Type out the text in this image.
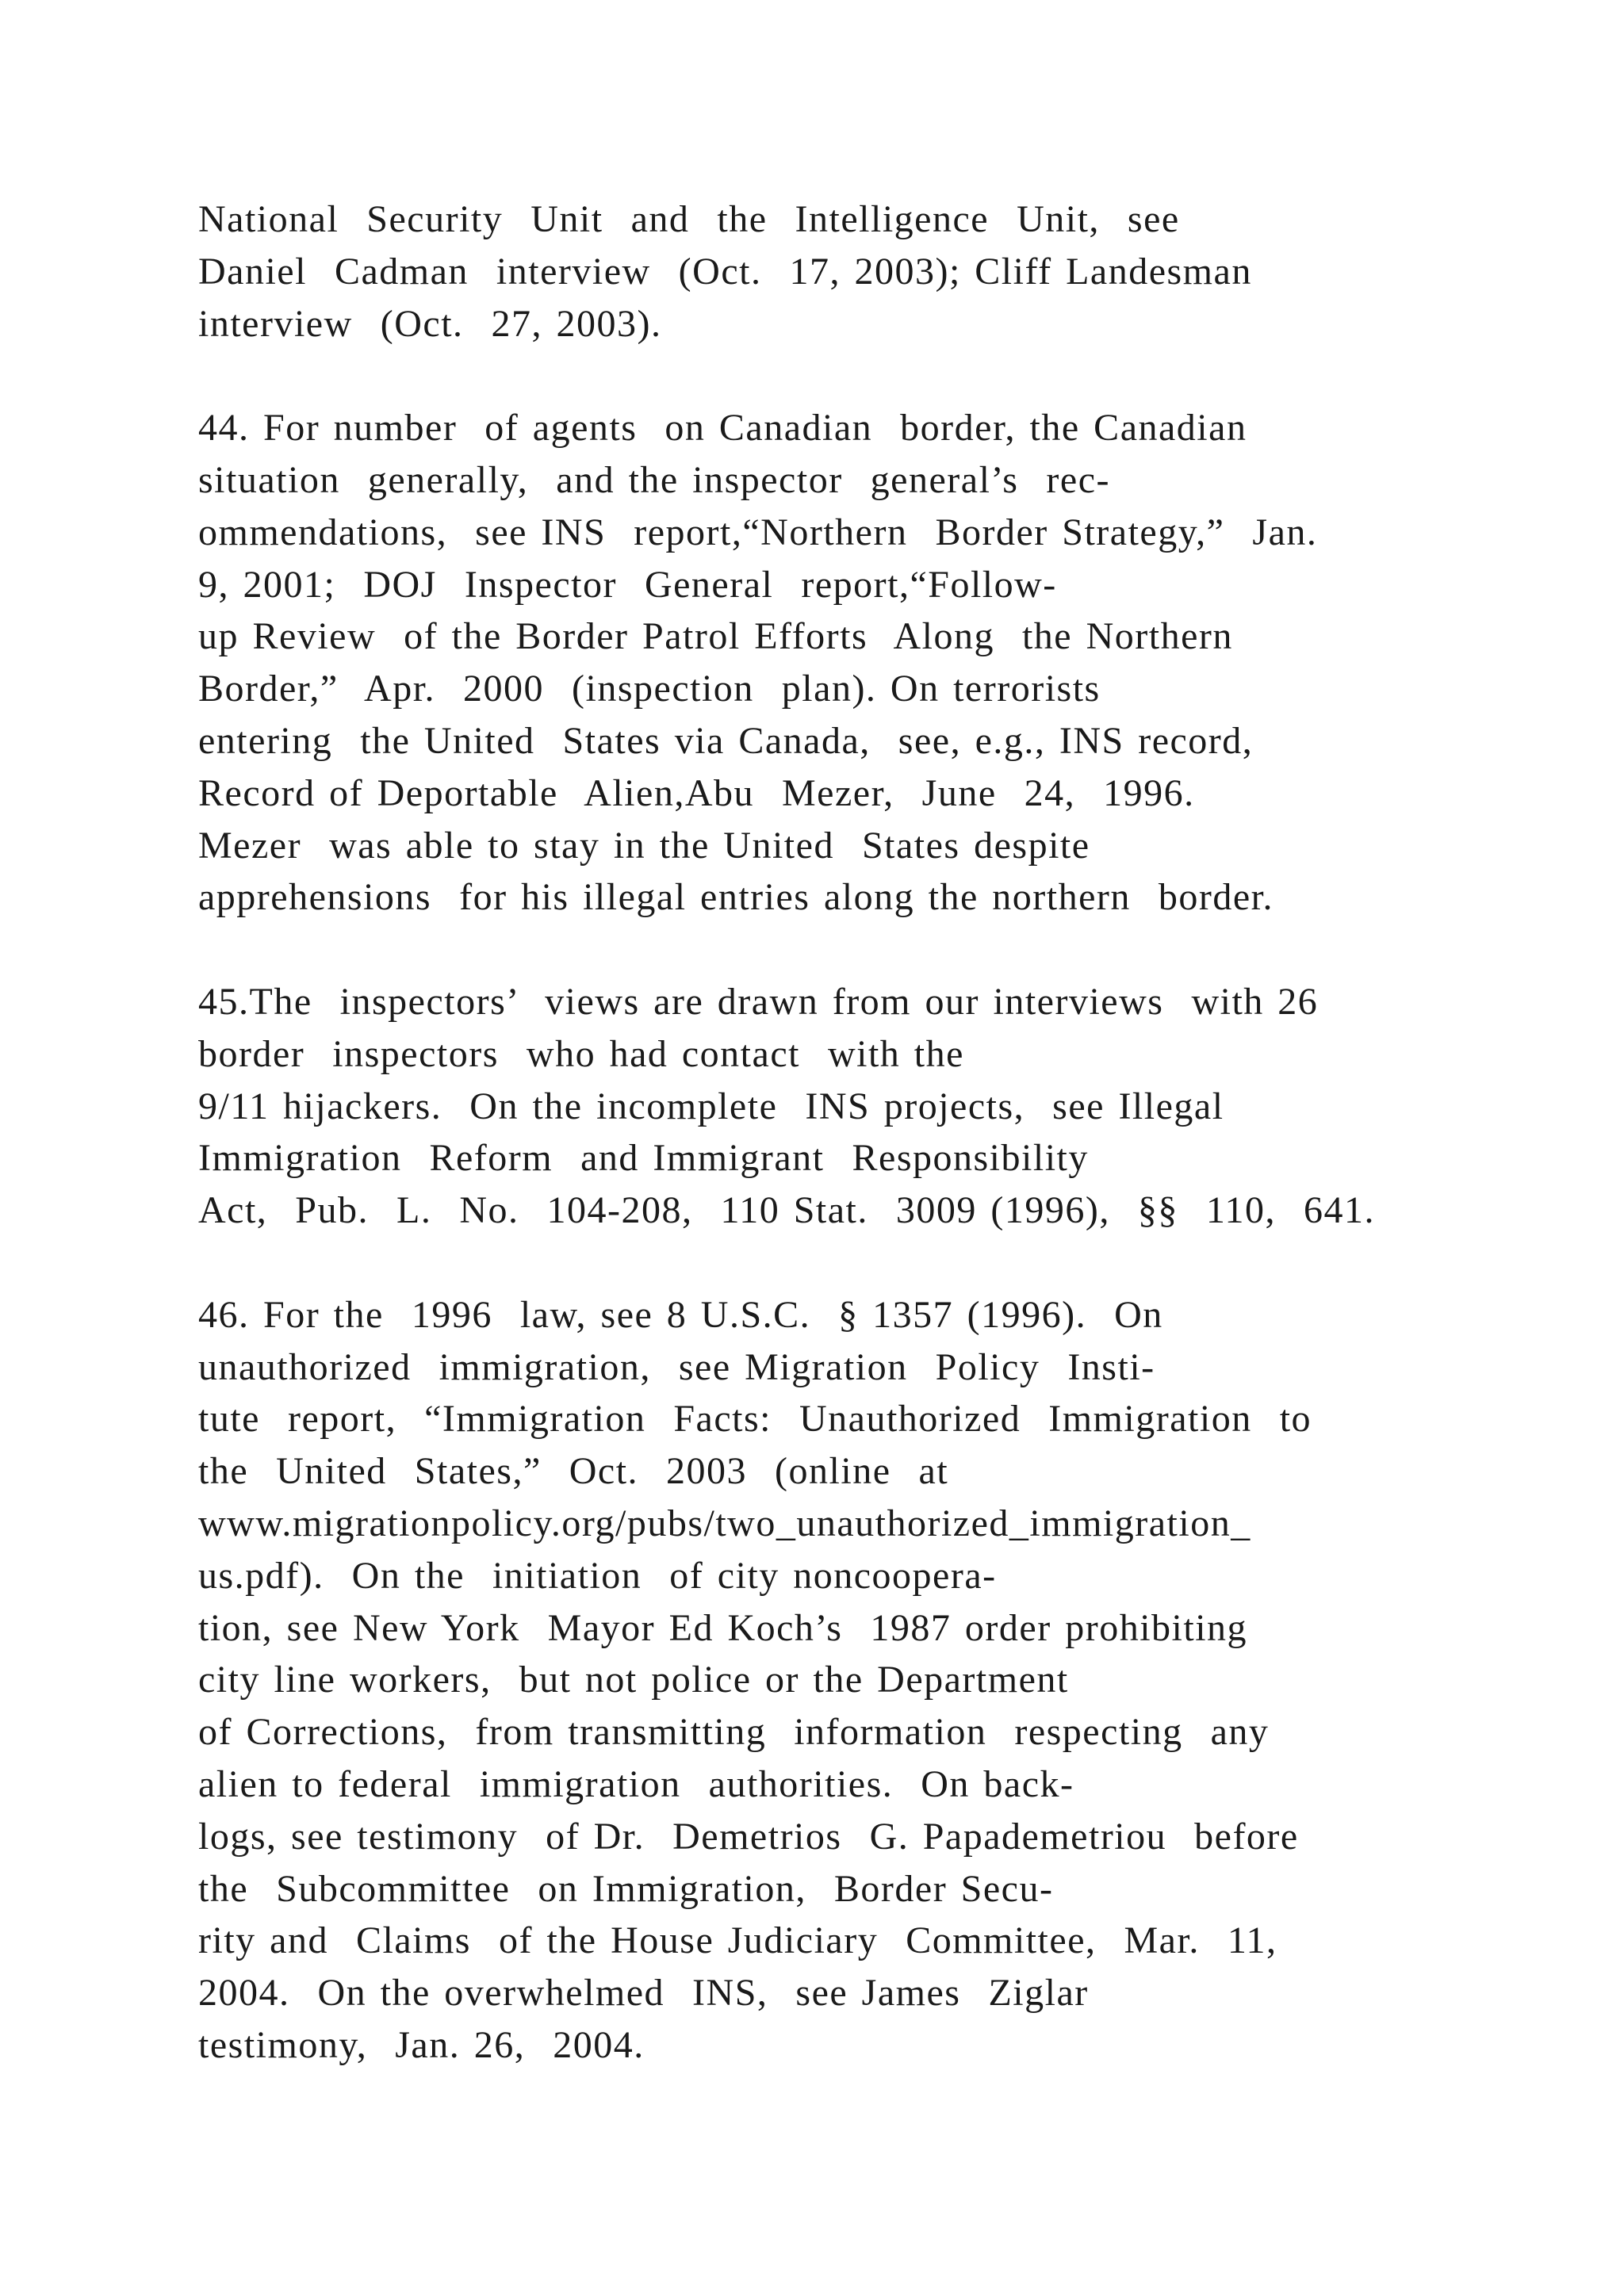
National  Security  Unit  and  the  Intelligence  Unit,  see
Daniel  Cadman  interview  (Oct.  17, 2003); Cliff Landesman
interview  (Oct.  27, 2003).
44. For number  of agents  on Canadian  border, the Canadian
situation  generally,  and the inspector  general’s  rec-
ommendations,  see INS  report,“Northern  Border Strategy,”  Jan.
9, 2001;  DOJ  Inspector  General  report,“Follow-
up Review  of the Border Patrol Efforts  Along  the Northern
Border,”  Apr.  2000  (inspection  plan). On terrorists
entering  the United  States via Canada,  see, e.g., INS record,
Record of Deportable  Alien,Abu  Mezer,  June  24,  1996.
Mezer  was able to stay in the United  States despite
apprehensions  for his illegal entries along the northern  border.
45.The  inspectors’  views are drawn from our interviews  with 26
border  inspectors  who had contact  with the
9/11 hijackers.  On the incomplete  INS projects,  see Illegal
Immigration  Reform  and Immigrant  Responsibility
Act,  Pub.  L.  No.  104-208,  110 Stat.  3009 (1996),  §§  110,  641.
46. For the  1996  law, see 8 U.S.C.  § 1357 (1996).  On
unauthorized  immigration,  see Migration  Policy  Insti-
tute  report,  “Immigration  Facts:  Unauthorized  Immigration  to
the  United  States,”  Oct.  2003  (online  at
www.migrationpolicy.org/pubs/two_unauthorized_immigration_
us.pdf).  On the  initiation  of city noncoopera-
tion, see New York  Mayor Ed Koch’s  1987 order prohibiting
city line workers,  but not police or the Department
of Corrections,  from transmitting  information  respecting  any
alien to federal  immigration  authorities.  On back-
logs, see testimony  of Dr.  Demetrios  G. Papademetriou  before
the  Subcommittee  on Immigration,  Border Secu-
rity and  Claims  of the House Judiciary  Committee,  Mar.  11,
2004.  On the overwhelmed  INS,  see James  Ziglar
testimony,  Jan. 26,  2004.
